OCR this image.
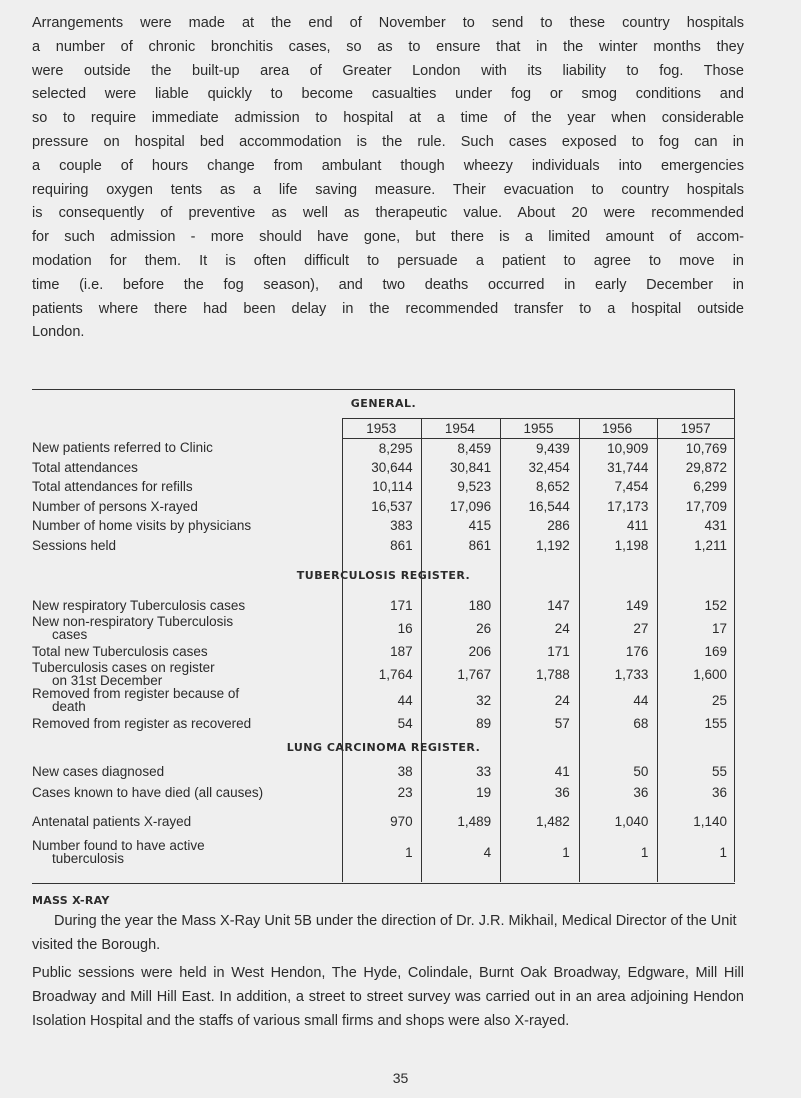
Arrangements were made at the end of November to send to these country hospitals
a number of chronic bronchitis cases, so as to ensure that in the winter months they
were outside the built-up area of Greater London with its liability to fog. Those
selected were liable quickly to become casualties under fog or smog conditions and
so to require immediate admission to hospital at a time of the year when considerable
pressure on hospital bed accommodation is the rule. Such cases exposed to fog can in
a couple of hours change from ambulant though wheezy individuals into emergencies
requiring oxygen tents as a life saving measure. Their evacuation to country hospitals
is consequently of preventive as well as therapeutic value. About 20 were recommended
for such admission - more should have gone, but there is a limited amount of accom-
modation for them. It is often difficult to persuade a patient to agree to move in
time (i.e. before the fog season), and two deaths occurred in early December in
patients where there had been delay in the recommended transfer to a hospital outside
London.
GENERAL.					
	1953	1954	1955	1956	1957

New patients referred to Clinic	8,295	8,459	9,439	10,909	10,769

Total attendances	30,644	30,841	32,454	31,744	29,872

Total attendances for refills	10,114	9,523	8,652	7,454	6,299

Number of persons X-rayed	16,537	17,096	16,544	17,173	17,709

Number of home visits by physicians	383	415	286	411	431

Sessions held	861	861	1,192	1,198	1,211
TUBERCULOSIS REGISTER.					

New respiratory Tuberculosis cases	171	180	147	149	152

New non-respiratory Tuberculosis
cases	16	26	24	27	17

Total new Tuberculosis cases	187	206	171	176	169

Tuberculosis cases on register
on 31st December	1,764	1,767	1,788	1,733	1,600

Removed from register because of
death	44	32	24	44	25

Removed from register as recovered	54	89	57	68	155
LUNG CARCINOMA REGISTER.					

New cases diagnosed	38	33	41	50	55

Cases known to have died (all causes)	23	19	36	36	36

Antenatal patients X-rayed	970	1,489	1,482	1,040	1,140

Number found to have active
tuberculosis	1	4	1	1	1
MASS X-RAY

During the year the Mass X-Ray Unit 5B under the direction of Dr. J.R. Mikhail, Medical Director of the Unit visited the Borough.

Public sessions were held in West Hendon, The Hyde, Colindale, Burnt Oak Broadway, Edgware, Mill Hill Broadway and Mill Hill East. In addition, a street to street survey was carried out in an area adjoining Hendon Isolation Hospital and the staffs of various small firms and shops were also X-rayed.

35
